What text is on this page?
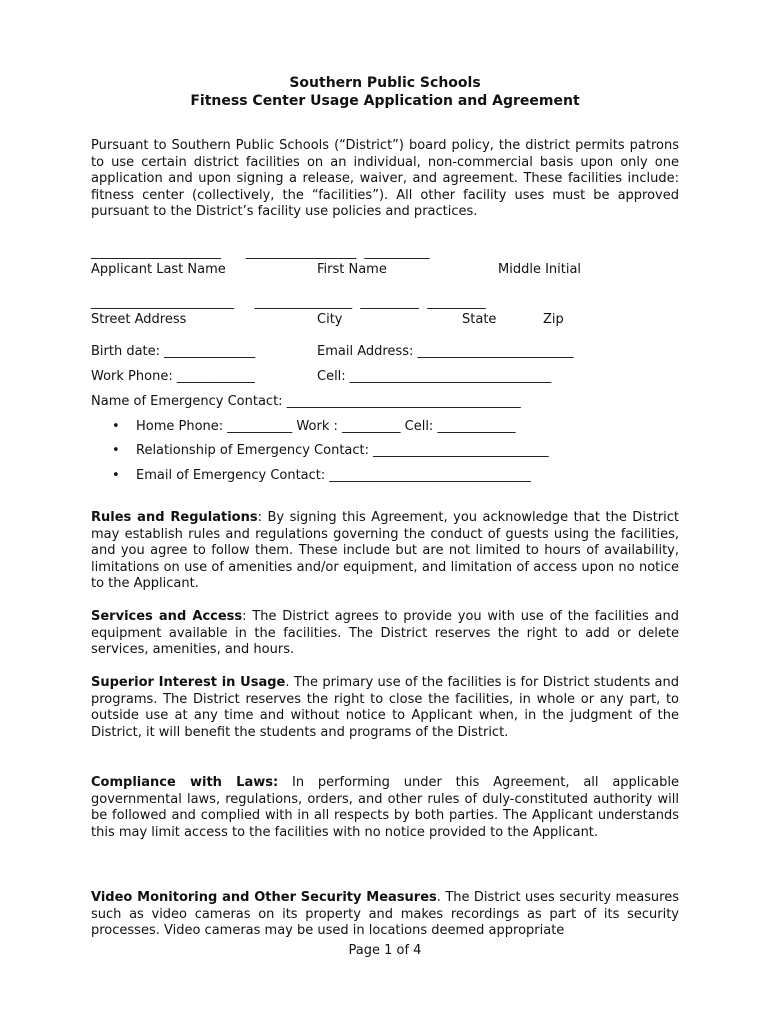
Southern Public Schools
Fitness Center Usage Application and Agreement
Pursuant to Southern Public Schools (“District”) board policy, the district permits patrons to use certain district facilities on an individual, non-commercial basis upon only one application and upon signing a release, waiver, and agreement. These facilities include: fitness center (collectively, the “facilities”). All other facility uses must be approved pursuant to the District’s facility use policies and practices.
____________________      _________________  __________
Applicant Last Name	First Name	Middle Initial
______________________     _______________  _________  _________
Street Address	City	State	Zip
Birth date: ______________	Email Address: ________________________
Work Phone: ____________	Cell: _______________________________
Name of Emergency Contact: ____________________________________
• Home Phone: __________ Work : _________ Cell: ____________
• Relationship of Emergency Contact: ___________________________
• Email of Emergency Contact: _______________________________
Rules and Regulations: By signing this Agreement, you acknowledge that the District may establish rules and regulations governing the conduct of guests using the facilities, and you agree to follow them. These include but are not limited to hours of availability, limitations on use of amenities and/or equipment, and limitation of access upon no notice to the Applicant.
Services and Access: The District agrees to provide you with use of the facilities and equipment available in the facilities. The District reserves the right to add or delete services, amenities, and hours.
Superior Interest in Usage. The primary use of the facilities is for District students and programs. The District reserves the right to close the facilities, in whole or any part, to outside use at any time and without notice to Applicant when, in the judgment of the District, it will benefit the students and programs of the District.
Compliance with Laws: In performing under this Agreement, all applicable governmental laws, regulations, orders, and other rules of duly-constituted authority will be followed and complied with in all respects by both parties. The Applicant understands this may limit access to the facilities with no notice provided to the Applicant.
Video Monitoring and Other Security Measures. The District uses security measures such as video cameras on its property and makes recordings as part of its security processes. Video cameras may be used in locations deemed appropriate
Page 1 of 4
